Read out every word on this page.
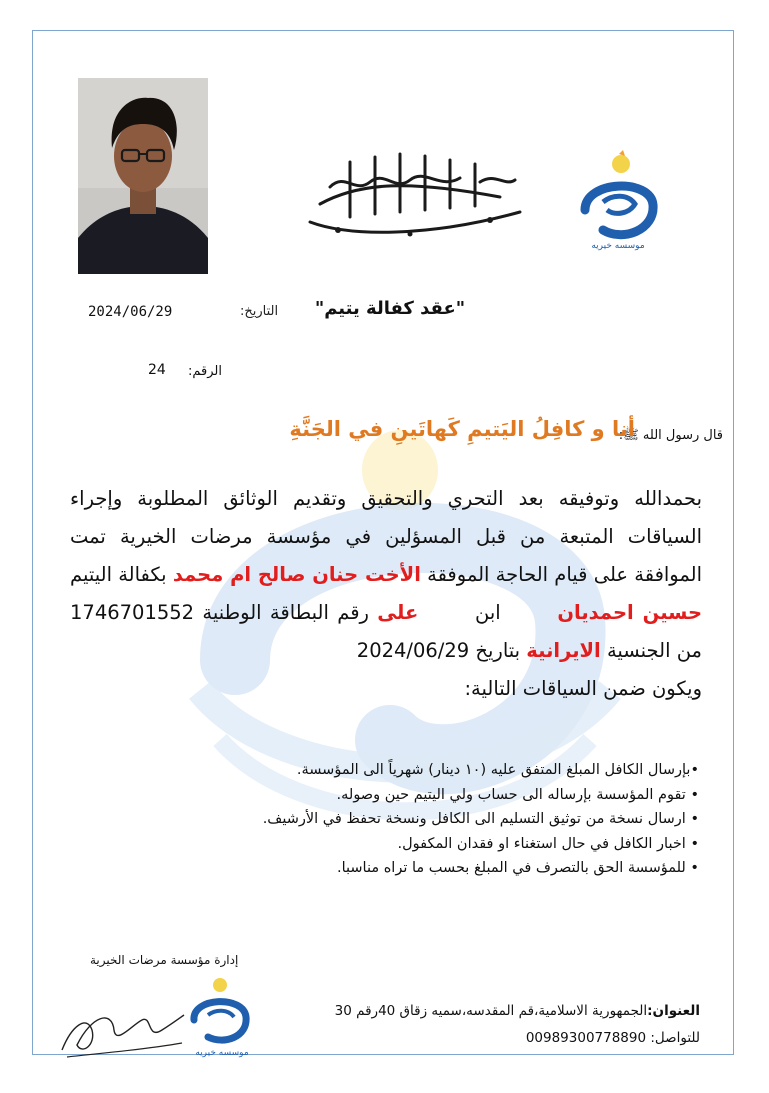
موسسه خيريه
"عقد كفالة يتيم"
التاريخ:
2024/06/29
الرقم:
24
قال رسول الله ﷺ:
أنا و كافِلُ اليَتيمِ كَهاتَينِ في الجَنَّةِ
بحمدالله وتوفيقه بعد التحري والتحقيق وتقديم الوثائق المطلوبة وإجراء السياقات المتبعة من قبل المسؤلين في مؤسسة مرضات الخيرية تمت الموافقة على قيام الحاجة الموفقة الأخت حنان صالح ام محمد بكفالة اليتيم حسين احمديان  ابن  على رقم البطاقة الوطنية 1746701552 من الجنسية الايرانية بتاريخ 2024/06/29
ويكون ضمن السياقات التالية:
•بإرسال الكافل المبلغ المتفق عليه (١٠ دينار) شهرياً الى المؤسسة.
• تقوم المؤسسة بإرساله الى حساب ولي اليتيم حين وصوله.
• ارسال نسخة من توثيق التسليم الى الكافل ونسخة تحفظ في الأرشيف.
• اخبار الكافل في حال استغناء او فقدان المكفول.
• للمؤسسة الحق بالتصرف في المبلغ بحسب ما تراه مناسبا.
إدارة مؤسسة مرضات الخيرية
موسسه خيريه
العنوان:الجمهورية الاسلامية،قم المقدسه،سميه زقاق 40رقم 30
للتواصل: 00989300778890
